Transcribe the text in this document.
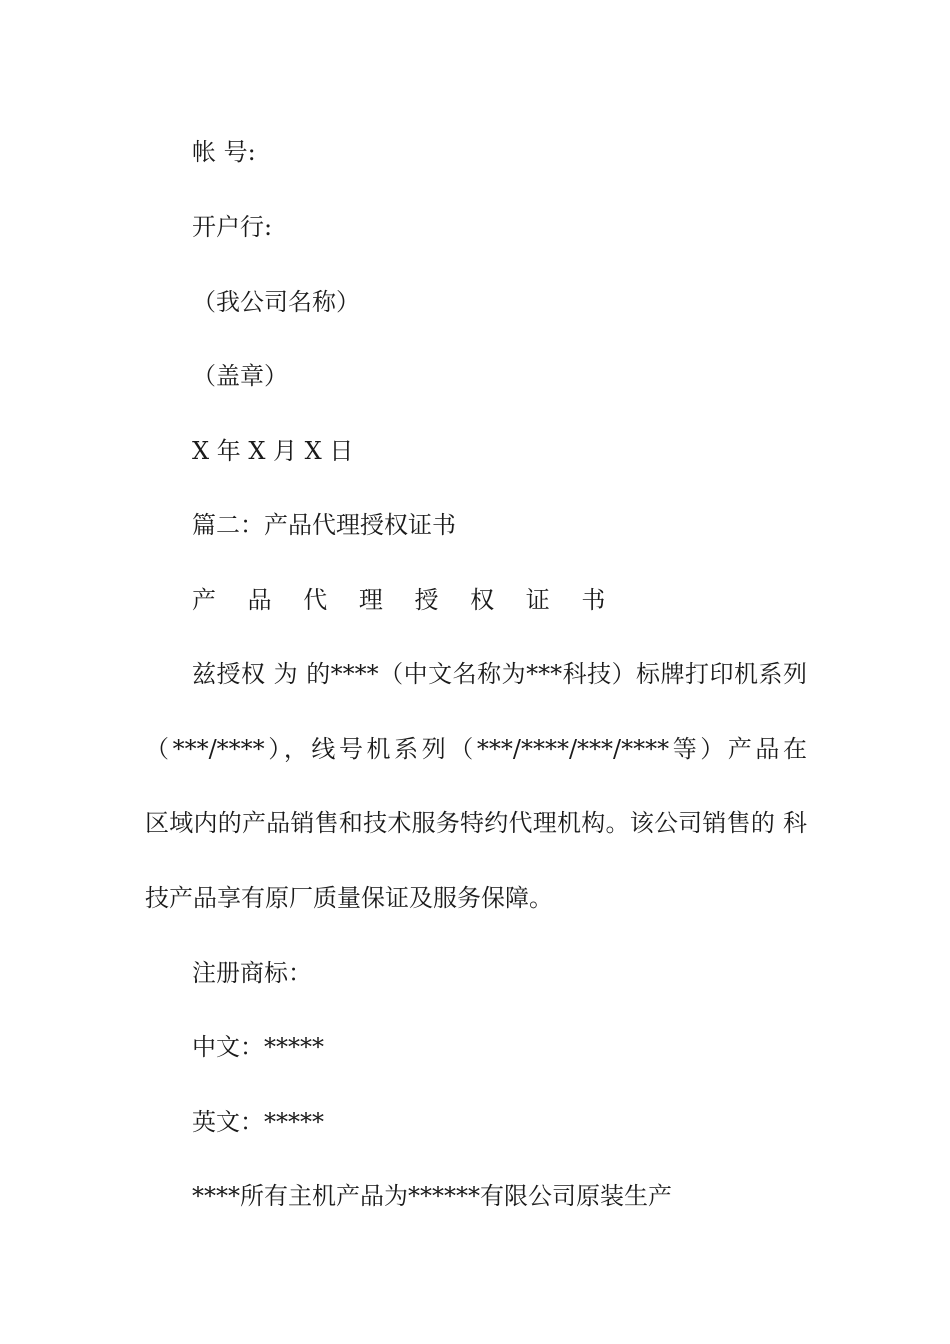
帐 号:

开户行:

（我公司名称）

（盖章）

X 年 X 月 X 日

篇二：产品代理授权证书

产 品 代 理 授 权 证 书

兹授权 为 的****（中文名称为***科技）标牌打印机系列

（***/****），线号机系列（***/****/***/****等）产品在

区域内的产品销售和技术服务特约代理机构。该公司销售的 科

技产品享有原厂质量保证及服务保障。

注册商标：

中文：*****

英文：*****

****所有主机产品为******有限公司原装生产
